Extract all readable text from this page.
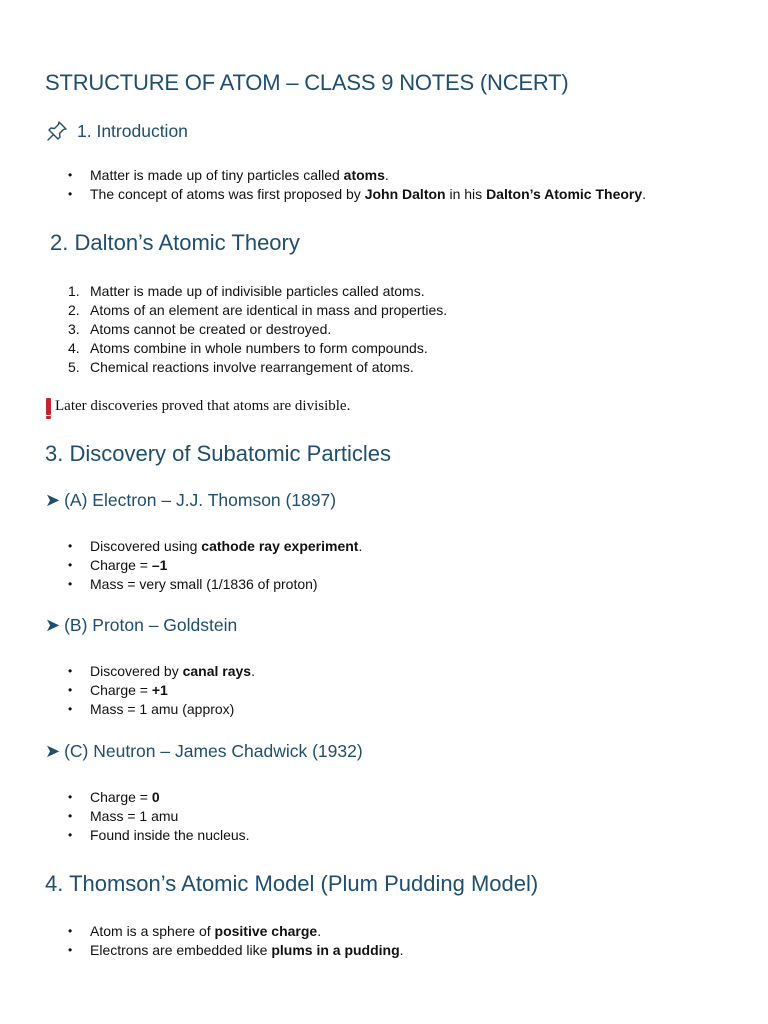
STRUCTURE OF ATOM – CLASS 9 NOTES (NCERT)
1. Introduction
• Matter is made up of tiny particles called atoms.
• The concept of atoms was first proposed by John Dalton in his Dalton’s Atomic Theory.
2. Dalton’s Atomic Theory
1. Matter is made up of indivisible particles called atoms.
2. Atoms of an element are identical in mass and properties.
3. Atoms cannot be created or destroyed.
4. Atoms combine in whole numbers to form compounds.
5. Chemical reactions involve rearrangement of atoms.

Later discoveries proved that atoms are divisible.

3. Discovery of Subatomic Particles
➤ (A) Electron – J.J. Thomson (1897)
• Discovered using cathode ray experiment.
• Charge = –1
• Mass = very small (1/1836 of proton)
➤ (B) Proton – Goldstein
• Discovered by canal rays.
• Charge = +1
• Mass = 1 amu (approx)
➤ (C) Neutron – James Chadwick (1932)
• Charge = 0
• Mass = 1 amu
• Found inside the nucleus.
4. Thomson’s Atomic Model (Plum Pudding Model)
• Atom is a sphere of positive charge.
• Electrons are embedded like plums in a pudding.
